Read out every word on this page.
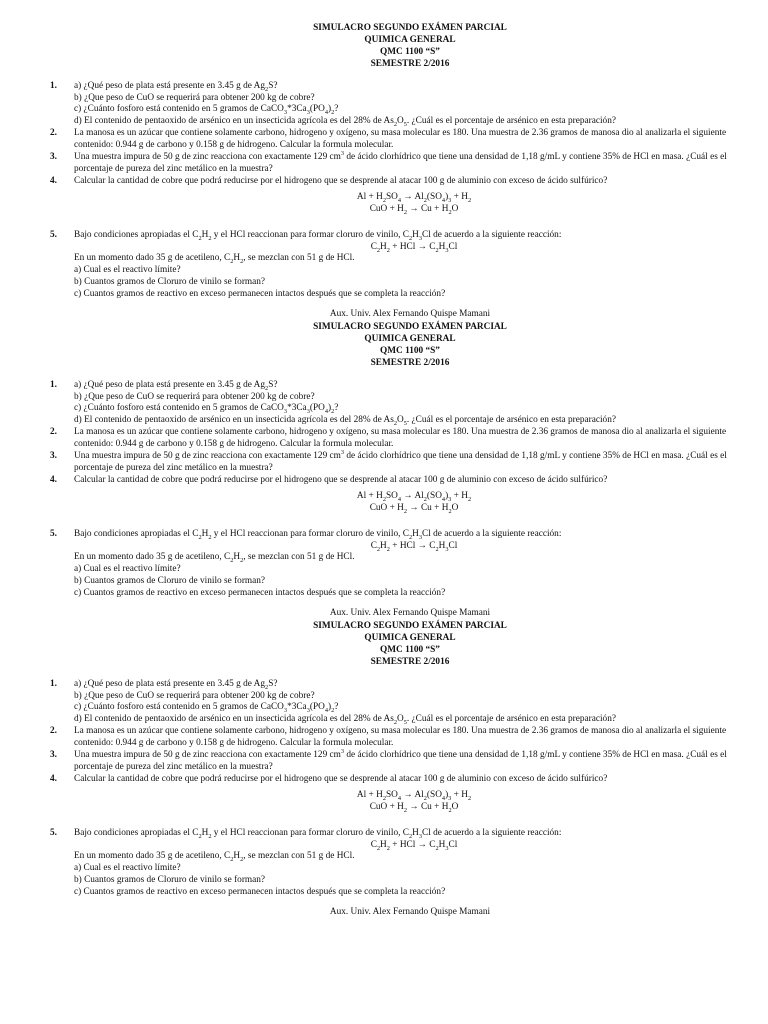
SIMULACRO SEGUNDO EXÁMEN PARCIAL
QUIMICA GENERAL
QMC 1100 “S”
SEMESTRE 2/2016
1. a) ¿Qué peso de plata está presente en 3.45 g de $Ag_2S$?
b) ¿Que peso de CuO se requerirá para obtener 200 kg de cobre?
c) ¿Cuánto fosforo está contenido en 5 gramos de $CaCO_3*3Ca_3(PO_4)_2$?
d) El contenido de pentaoxido de arsénico en un insecticida agrícola es del 28% de $As_2O_5$. ¿Cuál es el porcentaje de arsénico en esta preparación?
2. La manosa es un azúcar que contiene solamente carbono, hidrogeno y oxígeno, su masa molecular es 180. Una muestra de 2.36 gramos de manosa dio al analizarla el siguiente contenido: 0.944 g de carbono y 0.158 g de hidrogeno. Calcular la formula molecular.
3. Una muestra impura de 50 g de zinc reacciona con exactamente 129 $cm^3$ de ácido clorhídrico que tiene una densidad de 1,18 g/mL y contiene 35% de HCl en masa. ¿Cuál es el porcentaje de pureza del zinc metálico en la muestra?
4. Calcular la cantidad de cobre que podrá reducirse por el hidrogeno que se desprende al atacar 100 g de aluminio con exceso de ácido sulfúrico?
$Al + H_2SO_4 \to Al_2(SO_4)_3 + H_2$
CuO + $H_2 \to Cu + H_2O$
5. Bajo condiciones apropiadas el $C_2H_2$ y el HCl reaccionan para formar cloruro de vinilo, $C_2H_3Cl$ de acuerdo a la siguiente reacción:
$C_2H_2$ + HCl → $C_2H_3Cl$
En un momento dado 35 g de acetileno, $C_2H_2$, se mezclan con 51 g de HCl.
a) Cual es el reactivo límite?
b) Cuantos gramos de Cloruro de vinilo se forman?
c) Cuantos gramos de reactivo en exceso permanecen intactos después que se completa la reacción?
Aux. Univ. Alex Fernando Quispe Mamani
SIMULACRO SEGUNDO EXÁMEN PARCIAL
QUIMICA GENERAL
QMC 1100 “S”
SEMESTRE 2/2016
1. a) ¿Qué peso de plata está presente en 3.45 g de $Ag_2S$?
b) ¿Que peso de CuO se requerirá para obtener 200 kg de cobre?
c) ¿Cuánto fosforo está contenido en 5 gramos de $CaCO_3*3Ca_3(PO_4)_2$?
d) El contenido de pentaoxido de arsénico en un insecticida agrícola es del 28% de $As_2O_5$. ¿Cuál es el porcentaje de arsénico en esta preparación?
2. La manosa es un azúcar que contiene solamente carbono, hidrogeno y oxígeno, su masa molecular es 180. Una muestra de 2.36 gramos de manosa dio al analizarla el siguiente contenido: 0.944 g de carbono y 0.158 g de hidrogeno. Calcular la formula molecular.
3. Una muestra impura de 50 g de zinc reacciona con exactamente 129 $cm^3$ de ácido clorhídrico que tiene una densidad de 1,18 g/mL y contiene 35% de HCl en masa. ¿Cuál es el porcentaje de pureza del zinc metálico en la muestra?
4. Calcular la cantidad de cobre que podrá reducirse por el hidrogeno que se desprende al atacar 100 g de aluminio con exceso de ácido sulfúrico?
$Al + H_2SO_4 \to Al_2(SO_4)_3 + H_2$
CuO + $H_2 \to Cu + H_2O$
5. Bajo condiciones apropiadas el $C_2H_2$ y el HCl reaccionan para formar cloruro de vinilo, $C_2H_3Cl$ de acuerdo a la siguiente reacción:
$C_2H_2$ + HCl → $C_2H_3Cl$
En un momento dado 35 g de acetileno, $C_2H_2$, se mezclan con 51 g de HCl.
a) Cual es el reactivo límite?
b) Cuantos gramos de Cloruro de vinilo se forman?
c) Cuantos gramos de reactivo en exceso permanecen intactos después que se completa la reacción?
Aux. Univ. Alex Fernando Quispe Mamani
SIMULACRO SEGUNDO EXÁMEN PARCIAL
QUIMICA GENERAL
QMC 1100 “S”
SEMESTRE 2/2016
1. a) ¿Qué peso de plata está presente en 3.45 g de $Ag_2S$?
b) ¿Que peso de CuO se requerirá para obtener 200 kg de cobre?
c) ¿Cuánto fosforo está contenido en 5 gramos de $CaCO_3*3Ca_3(PO_4)_2$?
d) El contenido de pentaoxido de arsénico en un insecticida agrícola es del 28% de $As_2O_5$. ¿Cuál es el porcentaje de arsénico en esta preparación?
2. La manosa es un azúcar que contiene solamente carbono, hidrogeno y oxígeno, su masa molecular es 180. Una muestra de 2.36 gramos de manosa dio al analizarla el siguiente contenido: 0.944 g de carbono y 0.158 g de hidrogeno. Calcular la formula molecular.
3. Una muestra impura de 50 g de zinc reacciona con exactamente 129 $cm^3$ de ácido clorhídrico que tiene una densidad de 1,18 g/mL y contiene 35% de HCl en masa. ¿Cuál es el porcentaje de pureza del zinc metálico en la muestra?
4. Calcular la cantidad de cobre que podrá reducirse por el hidrogeno que se desprende al atacar 100 g de aluminio con exceso de ácido sulfúrico?
$Al + H_2SO_4 \to Al_2(SO_4)_3 + H_2$
CuO + $H_2 \to Cu + H_2O$
5. Bajo condiciones apropiadas el $C_2H_2$ y el HCl reaccionan para formar cloruro de vinilo, $C_2H_3Cl$ de acuerdo a la siguiente reacción:
$C_2H_2$ + HCl → $C_2H_3Cl$
En un momento dado 35 g de acetileno, $C_2H_2$, se mezclan con 51 g de HCl.
a) Cual es el reactivo límite?
b) Cuantos gramos de Cloruro de vinilo se forman?
c) Cuantos gramos de reactivo en exceso permanecen intactos después que se completa la reacción?
Aux. Univ. Alex Fernando Quispe Mamani
